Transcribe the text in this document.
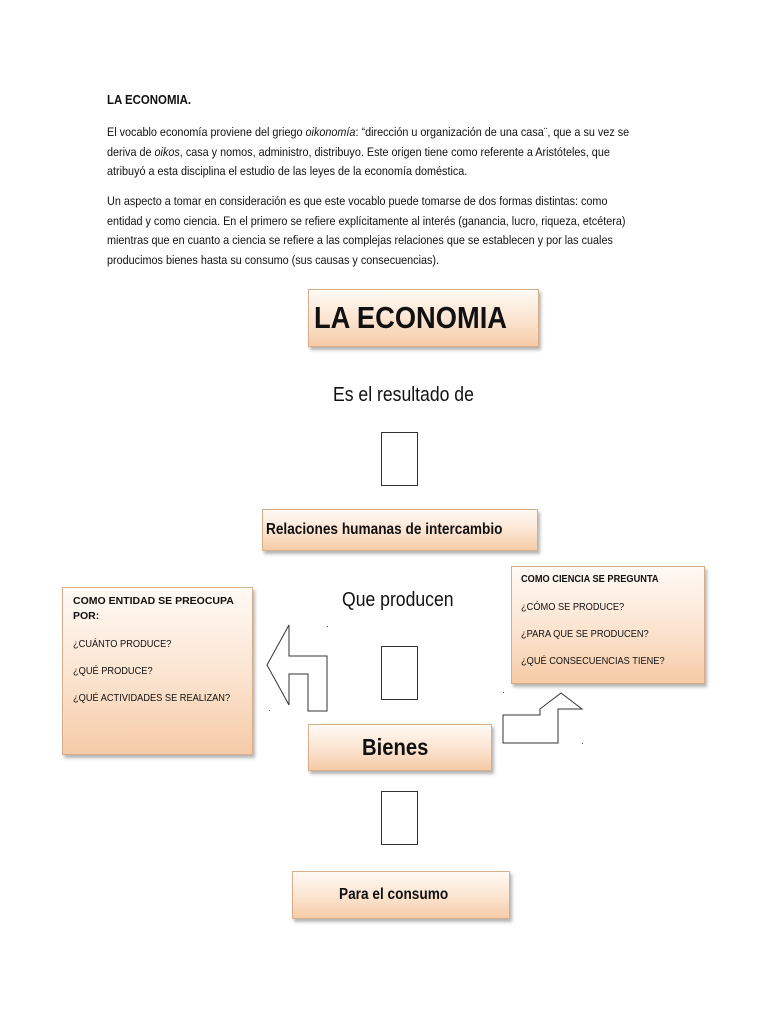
LA ECONOMIA.
El vocablo economía proviene del griego oikonomía: “dirección u organización de una casa¨, que a su vez se
deriva de oikos, casa y nomos, administro, distribuyo. Este origen tiene como referente a Aristóteles, que
atribuyó a esta disciplina el estudio de las leyes de la economía doméstica.
Un aspecto a tomar en consideración es que este vocablo puede tomarse de dos formas distintas: como
entidad y como ciencia. En el primero se refiere explícitamente al interés (ganancia, lucro, riqueza, etcétera)
mientras que en cuanto a ciencia se refiere a las complejas relaciones que se establecen y por las cuales
producimos bienes hasta su consumo (sus causas y consecuencias).
LA ECONOMIA
Es el resultado de
Relaciones humanas de intercambio
Que producen
COMO ENTIDAD SE PREOCUPA POR:
¿CUÁNTO PRODUCE?
¿QUÉ PRODUCE?
¿QUÉ ACTIVIDADES SE REALIZAN?
COMO CIENCIA SE PREGUNTA
¿CÓMO SE PRODUCE?
¿PARA QUE SE PRODUCEN?
¿QUÉ CONSECUENCIAS TIENE?
Bienes
Para el consumo
